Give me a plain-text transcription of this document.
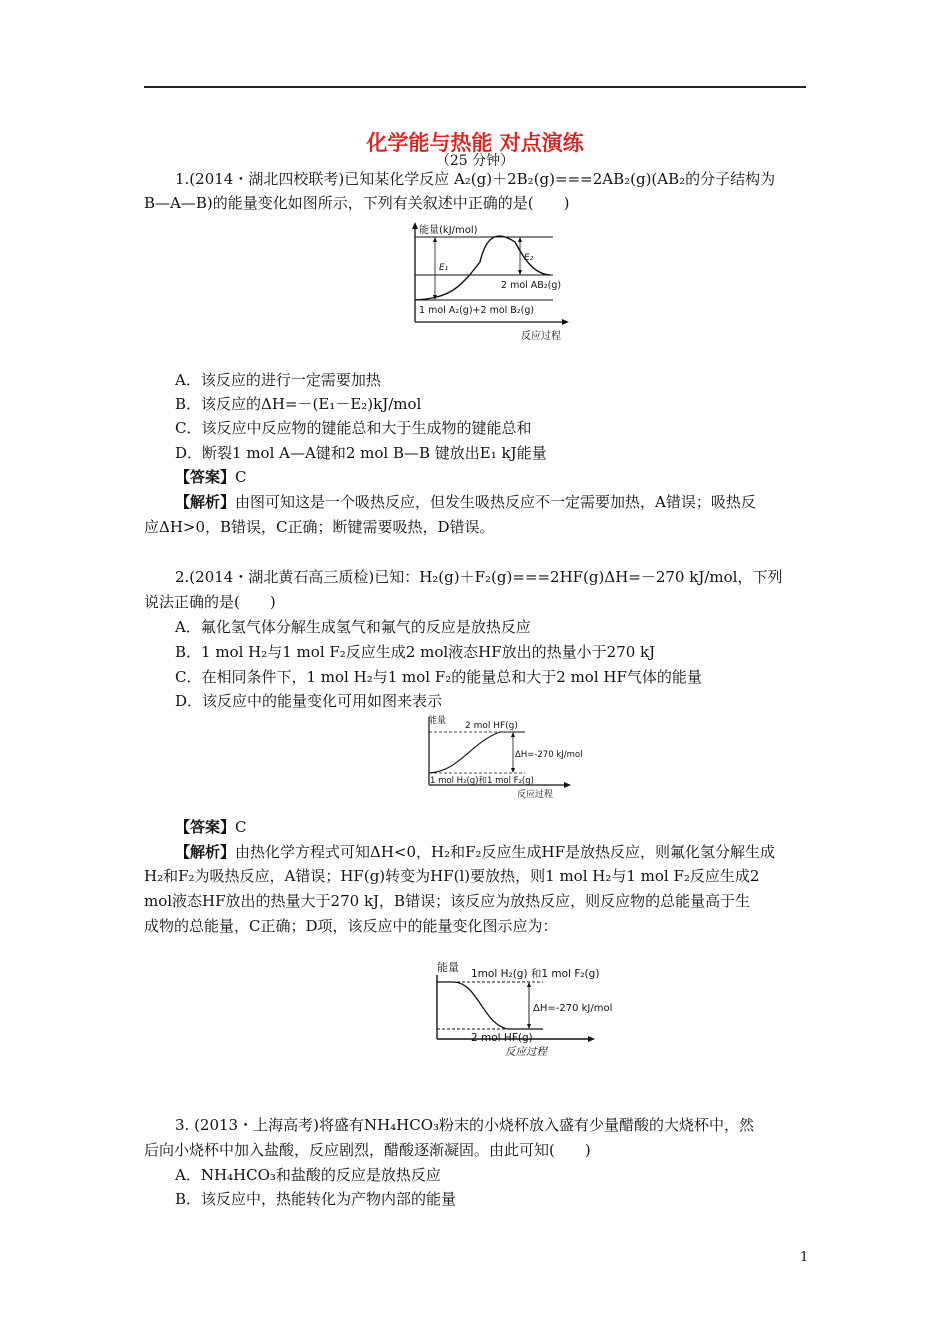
化学能与热能 对点演练
（25 分钟）
1.(2014・湖北四校联考)已知某化学反应 A₂(g)＋2B₂(g)===2AB₂(g)(AB₂的分子结构为
B—A—B)的能量变化如图所示，下列有关叙述中正确的是(　　)
能量(kJ/mol)
E₁
E₂
2 mol AB₂(g)
1 mol A₂(g)+2 mol B₂(g)
反应过程
A．该反应的进行一定需要加热
B．该反应的ΔH=－(E₁－E₂)kJ/mol
C．该反应中反应物的键能总和大于生成物的键能总和
D．断裂1 mol A—A键和2 mol B—B 键放出E₁ kJ能量
【答案】C
【解析】由图可知这是一个吸热反应，但发生吸热反应不一定需要加热，A错误；吸热反
应ΔH>0，B错误，C正确；断键需要吸热，D错误。
2.(2014・湖北黄石高三质检)已知：H₂(g)＋F₂(g)===2HF(g)ΔH=－270 kJ/mol，下列
说法正确的是(　　)
A．氟化氢气体分解生成氢气和氟气的反应是放热反应
B．1 mol H₂与1 mol F₂反应生成2 mol液态HF放出的热量小于270 kJ
C．在相同条件下，1 mol H₂与1 mol F₂的能量总和大于2 mol HF气体的能量
D．该反应中的能量变化可用如图来表示
能量 2 mol HF(g)
ΔH=-270 kJ/mol
1 mol H₂(g)和1 mol F₂(g)
反应过程
【答案】C
【解析】由热化学方程式可知ΔH<0，H₂和F₂反应生成HF是放热反应，则氟化氢分解生成
H₂和F₂为吸热反应，A错误；HF(g)转变为HF(l)要放热，则1 mol H₂与1 mol F₂反应生成2
mol液态HF放出的热量大于270 kJ，B错误；该反应为放热反应，则反应物的总能量高于生
成物的总能量，C正确；D项，该反应中的能量变化图示应为：
能量 1mol H₂(g) 和1 mol F₂(g)
ΔH=-270 kJ/mol
2 mol HF(g)
反应过程
3. (2013・上海高考)将盛有NH₄HCO₃粉末的小烧杯放入盛有少量醋酸的大烧杯中，然
后向小烧杯中加入盐酸，反应剧烈，醋酸逐渐凝固。由此可知(　　)
A．NH₄HCO₃和盐酸的反应是放热反应
B．该反应中，热能转化为产物内部的能量
1
